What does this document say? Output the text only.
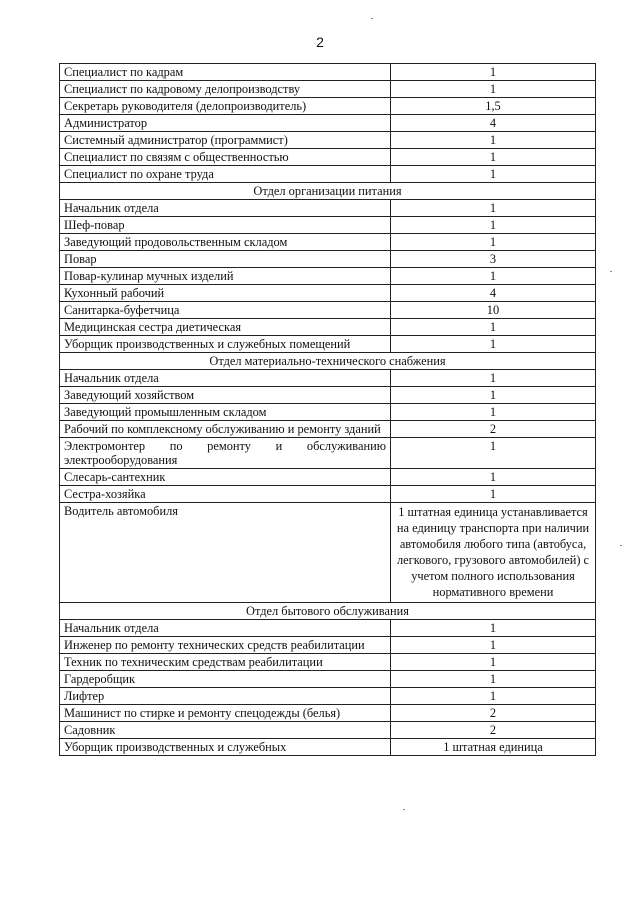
2
Специалист по кадрам	1
Специалист по кадровому делопроизводству	1
Секретарь руководителя (делопроизводитель)	1,5
Администратор	4
Системный администратор (программист)	1
Специалист по связям с общественностью	1
Специалист по охране труда	1
Отдел организации питания	
Начальник отдела	1
Шеф-повар	1
Заведующий продовольственным складом	1
Повар	3
Повар-кулинар мучных изделий	1
Кухонный рабочий	4
Санитарка-буфетчица	10
Медицинская сестра диетическая	1
Уборщик производственных и служебных помещений	1
Отдел материально-технического снабжения	
Начальник отдела	1
Заведующий хозяйством	1
Заведующий промышленным складом	1
Рабочий по комплексному обслуживанию и ремонту зданий	2
Электромонтер по ремонту и обслуживанию электрооборудования	1
Слесарь-сантехник	1
Сестра-хозяйка	1
Водитель автомобиля	1 штатная единица устанавливается на единицу транспорта при наличии автомобиля любого типа (автобуса, легкового, грузового автомобилей) с учетом полного использования нормативного времени
Отдел бытового обслуживания	
Начальник отдела	1
Инженер по ремонту технических средств реабилитации	1
Техник по техническим средствам реабилитации	1
Гардеробщик	1
Лифтер	1
Машинист по стирке и ремонту спецодежды (белья)	2
Садовник	2
Уборщик производственных и служебных	1 штатная единица
